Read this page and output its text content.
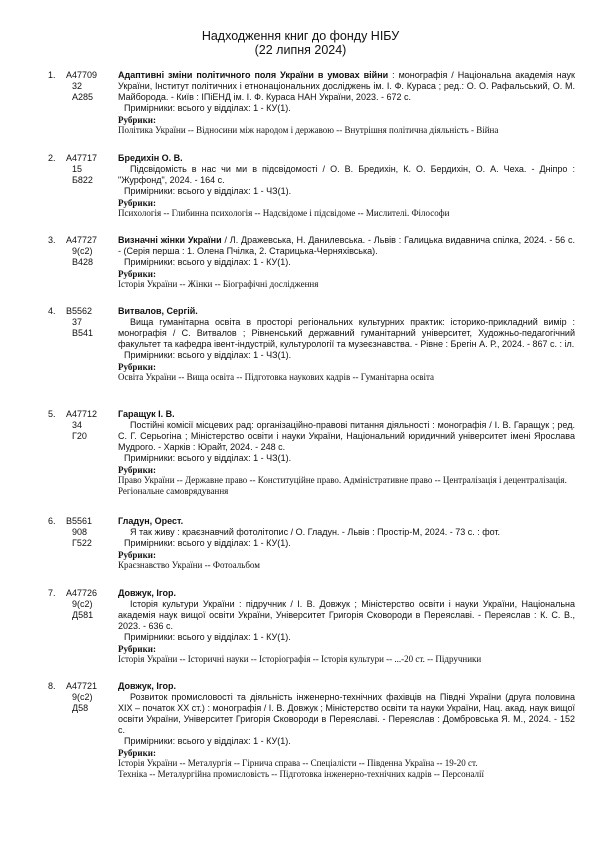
Надходження книг до фонду НІБУ
(22 липня 2024)
1. А47709
32
А285
Адаптивні зміни політичного поля України в умовах війни : монографія / Національна академія наук України, Інститут політичних і етнонаціональних досліджень ім. І. Ф. Кураса ; ред.: О. О. Рафальський, О. М. Майборода. - Київ : ІПіЕНД ім. І. Ф. Кураса НАН України, 2023. - 672 с.
Примірники: всього у відділах: 1 - КУ(1).
Рубрики:
Політика України -- Відносини між народом і державою -- Внутрішня політична діяльність - Війна
2. А47717
15
Б822
Бредихін О. В.
Підсвідомість в нас чи ми в підсвідомості / О. В. Бредихін, К. О. Бердихін, О. А. Чеха. - Дніпро : "Журфонд", 2024. - 164 с.
Примірники: всього у відділах: 1 - ЧЗ(1).
Рубрики:
Психологія -- Глибинна психологія -- Надсвідоме і підсвідоме -- Мислителі. Філософи
3. А47727
9(с2)
В428
Визначні жінки України / Л. Дражевська, Н. Данилевська. - Львів : Галицька видавнича спілка, 2024. - 56 с. - (Серія перша : 1. Олена Пчілка, 2. Старицька-Черняхівська).
Примірники: всього у відділах: 1 - КУ(1).
Рубрики:
Історія України -- Жінки -- Біографічні дослідження
4. В5562
37
В541
Витвалов, Сергій.
Вища гуманітарна освіта в просторі регіональних культурних практик: історико-прикладний вимір : монографія / С. Витвалов ; Рівненський державний гуманітарний університет, Художньо-педагогічний факультет та кафедра івент-індустрій, культурології та музеєзнавства. - Рівне : Брегін А. Р., 2024. - 867 с. : іл.
Примірники: всього у відділах: 1 - ЧЗ(1).
Рубрики:
Освіта України -- Вища освіта -- Підготовка наукових кадрів -- Гуманітарна освіта
5. А47712
34
Г20
Гаращук І. В.
Постійні комісії місцевих рад: організаційно-правові питання діяльності : монографія / І. В. Гаращук ; ред. С. Г. Серьогіна ; Міністерство освіти і науки України, Національний юридичний університет імені Ярослава Мудрого. - Харків : Юрайт, 2024. - 248 с.
Примірники: всього у відділах: 1 - ЧЗ(1).
Рубрики:
Право України -- Державне право -- Конституційне право. Адміністративне право -- Централізація і децентралізація. Регіональне самоврядування
6. В5561
908
Г522
Гладун, Орест.
Я так живу : краєзнавчий фотолітопис / О. Гладун. - Львів : Простір-М, 2024. - 73 с. : фот.
Примірники: всього у відділах: 1 - КУ(1).
Рубрики:
Краєзнавство України -- Фотоальбом
7. А47726
9(с2)
Д581
Довжук, Ігор.
Історія культури України : підручник / І. В. Довжук ; Міністерство освіти і науки України, Національна академія наук вищої освіти України, Університет Григорія Сковороди в Переяславі. - Переяслав : К. С. В., 2023. - 636 с.
Примірники: всього у відділах: 1 - КУ(1).
Рубрики:
Історія України -- Історичні науки -- Історіографія -- Історія культури -- ...-20 ст. -- Підручники
8. А47721
9(с2)
Д58
Довжук, Ігор.
Розвиток промисловості та діяльність інженерно-технічних фахівців на Півдні України (друга половина XIX – початок XX ст.) : монографія / І. В. Довжук ; Міністерство освіти та науки України, Нац. акад. наук вищої освіти України, Університет Григорія Сковороди в Переяславі. - Переяслав : Домбровська Я. М., 2024. - 152 с.
Примірники: всього у відділах: 1 - КУ(1).
Рубрики:
Історія України -- Металургія -- Гірнича справа -- Спеціалісти -- Південна Україна -- 19-20 ст.
Техніка -- Металургійна промисловість -- Підготовка інженерно-технічних кадрів -- Персоналії
